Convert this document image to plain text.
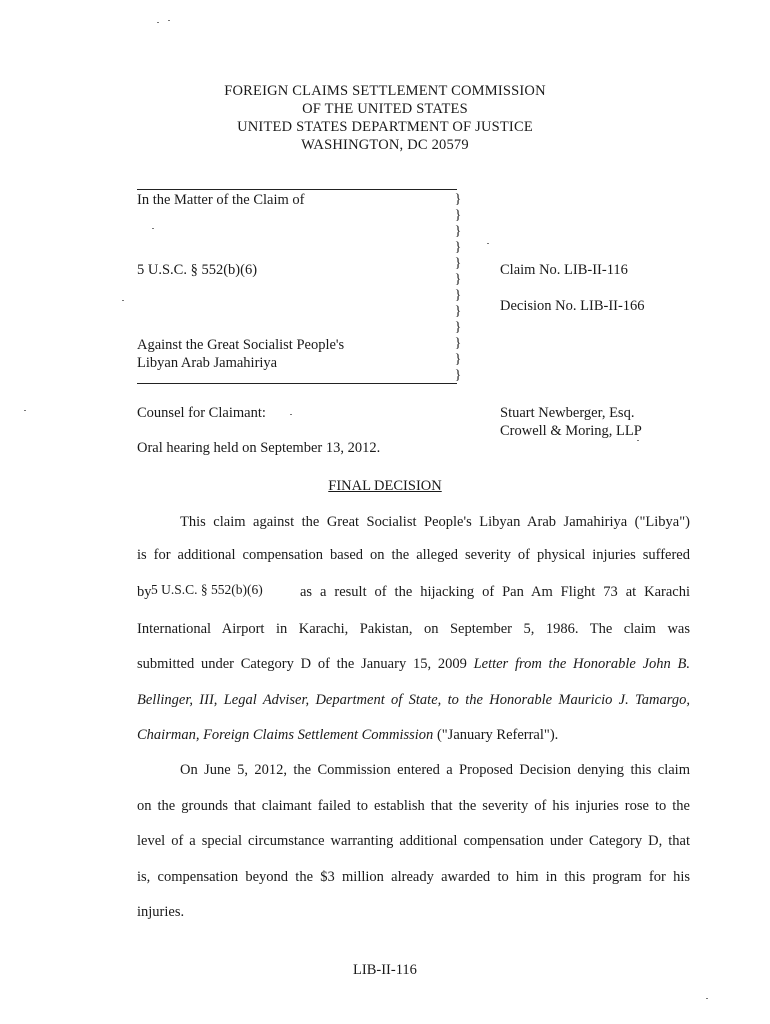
FOREIGN CLAIMS SETTLEMENT COMMISSION
OF THE UNITED STATES
UNITED STATES DEPARTMENT OF JUSTICE
WASHINGTON, DC 20579
In the Matter of the Claim of
5 U.S.C. § 552(b)(6)
Against the Great Socialist People's
Libyan Arab Jamahiriya
}
}
}
}
}
}
}
}
}
}
}
}
Claim No. LIB-II-116
Decision No. LIB-II-166
Counsel for Claimant:	Stuart Newberger, Esq.
Crowell & Moring, LLP
Oral hearing held on September 13, 2012.
FINAL DECISION
This claim against the Great Socialist People's Libyan Arab Jamahiriya ("Libya")
is for additional compensation based on the alleged severity of physical injuries suffered
by 5 U.S.C. § 552(b)(6)	as a result of the hijacking of Pan Am Flight 73 at Karachi
International Airport in Karachi, Pakistan, on September 5, 1986. The claim was
submitted under Category D of the January 15, 2009 Letter from the Honorable John B.
Bellinger, III, Legal Adviser, Department of State, to the Honorable Mauricio J. Tamargo,
Chairman, Foreign Claims Settlement Commission ("January Referral").
On June 5, 2012, the Commission entered a Proposed Decision denying this claim
on the grounds that claimant failed to establish that the severity of his injuries rose to the
level of a special circumstance warranting additional compensation under Category D, that
is, compensation beyond the $3 million already awarded to him in this program for his
injuries.
LIB-II-116
